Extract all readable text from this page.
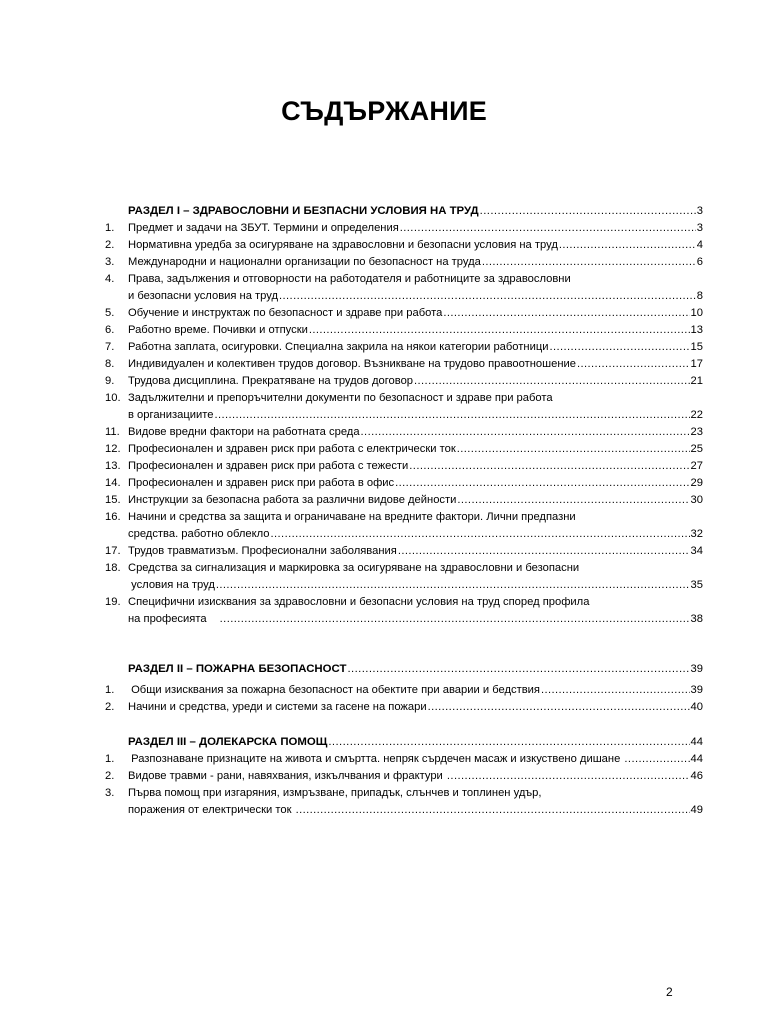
СЪДЪРЖАНИЕ
РАЗДЕЛ I – ЗДРАВОСЛОВНИ И БЕЗПАСНИ УСЛОВИЯ НА ТРУД .....	3
1.	Предмет и задачи на ЗБУТ. Термини и определения .....	3
2.	Нормативна уредба за осигуряване на здравословни и безопасни условия на труд .....	4
3.	Международни и национални организации по безопасност на труда .....	6
4.	Права, задължения и отговорности на работодателя и работниците за здравословни
и безопасни условия на труд .....	8
5.	Обучение и инструктаж по безопасност и здраве при работа .....	10
6.	Работно време. Почивки и отпуски .....	13
7.	Работна заплата, осигуровки. Специална закрила на някои категории работници .....	15
8.	Индивидуален и колективен трудов договор. Възникване на трудово правоотношение .....	17
9.	Трудова дисциплина. Прекратяване на трудов договор .....	21
10. Задължителни и препоръчителни документи по безопасност и здраве при работа
в организациите .....	22
11. Видове вредни фактори на работната среда .....	23
12. Професионален и здравен риск при работа с електрически ток .....	25
13. Професионален и здравен риск при работа с тежести .....	27
14. Професионален и здравен риск при работа в офис .....	29
15. Инструкции за безопасна работа за различни видове дейности .....	30
16. Начини и средства за защита и ограничаване на вредните фактори. Лични предпазни
средства. работно облекло .....	32
17. Трудов травматизъм. Професионални заболявания .....	34
18. Средства за сигнализация и маркировка за осигуряване на здравословни и безопасни
условия на труд .....	35
19. Специфични изисквания за здравословни и безопасни условия на труд според профила
на професията .....	38
РАЗДЕЛ II – ПОЖАРНА БЕЗОПАСНОСТ .....	39
1.	Общи изисквания за пожарна безопасност на обектите при аварии и бедствия .....	39
2.	Начини и средства, уреди и системи за гасене на пожари .....	40
РАЗДЕЛ III – ДОЛЕКАРСКА ПОМОЩ .....	44
1.	Разпознаване признаците на живота и смъртта. непряк сърдечен масаж и изкуствено дишане .....	44
2.	Видове травми - рани, навяхвания, изкълчвания и фрактури .....	46
3.	Първа помощ при изгаряния, измръзване, припадък, слънчев и топлинен удър,
поражения от електрически ток .....	49
2
